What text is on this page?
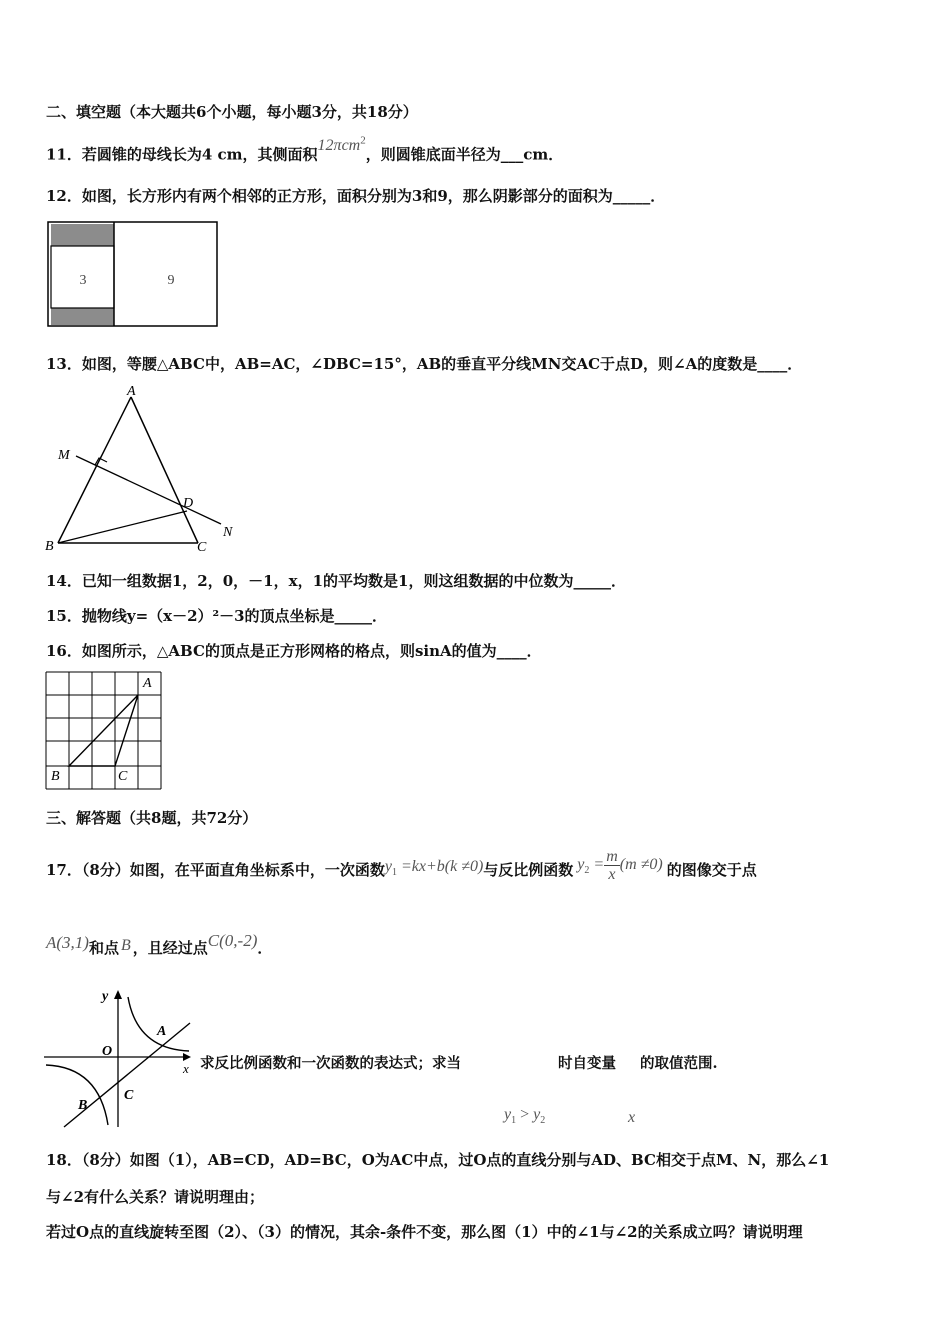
二、填空题（本大题共6个小题，每小题3分，共18分）
11．若圆锥的母线长为4 cm，其侧面积12πcm$^2$，则圆锥底面半径为___cm．
12．如图，长方形内有两个相邻的正方形，面积分别为3和9，那么阴影部分的面积为_____．
3	9
13．如图，等腰△ABC中，AB=AC，∠DBC=15°，AB的垂直平分线MN交AC于点D，则∠A的度数是____．
A
M
D
N
B	C
14．已知一组数据1，2，0，－1，x，1的平均数是1，则这组数据的中位数为_____．
15．抛物线y=（x－2）²－3的顶点坐标是_____．
16．如图所示，△ABC的顶点是正方形网格的格点，则sinA的值为____．
A
B	C
三、解答题（共8题，共72分）
17．（8分）如图，在平面直角坐标系中，一次函数$y_1 =kx+b(k \ne 0)$与反比例函数 $y_2 = \frac{m}{x} (m \ne 0)$ 的图像交于点
A(3,1)和点 B ，且经过点C(0,‑2)．
y
x
O
A
C
B
求反比例函数和一次函数的表达式；求当	时自变量 的取值范围.
$y_1 > y_2$	x
18．（8分）如图（1），AB=CD，AD=BC，O为AC中点，过O点的直线分别与AD、BC相交于点M、N，那么∠1
与∠2有什么关系？请说明理由；
若过O点的直线旋转至图（2）、（3）的情况，其余‑条件不变，那么图（1）中的∠1与∠2的关系成立吗？请说明理
